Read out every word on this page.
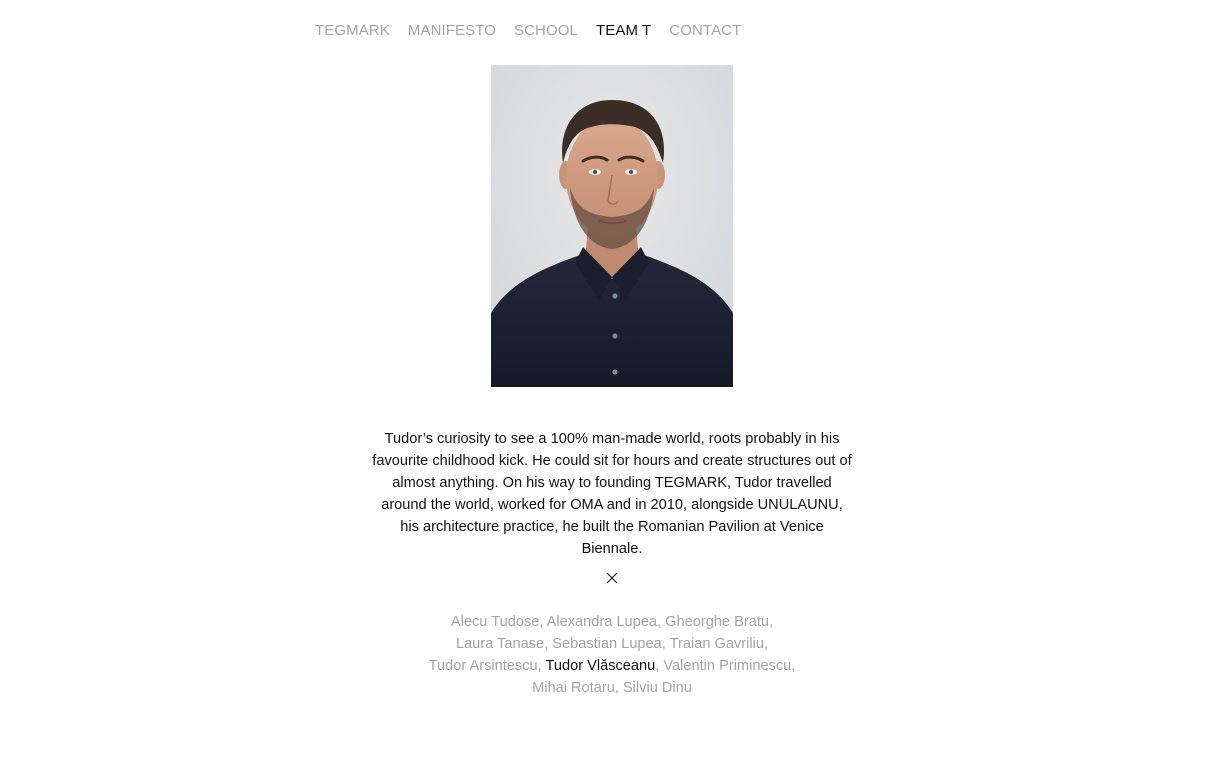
TEGMARK MANIFESTO SCHOOL TEAM T CONTACT

Tudor’s curiosity to see a 100% man-made world, roots probably in his favourite childhood kick. He could sit for hours and create structures out of almost anything. On his way to founding TEGMARK, Tudor travelled around the world, worked for OMA and in 2010, alongside UNULAUNU, his architecture practice, he built the Romanian Pavilion at Venice Biennale.

Alecu Tudose, Alexandra Lupea, Gheorghe Bratu,
Laura Tanase, Sebastian Lupea, Traian Gavriliu,
Tudor Arsintescu, Tudor Vlăsceanu, Valentin Priminescu,
Mihai Rotaru, Silviu Dinu
